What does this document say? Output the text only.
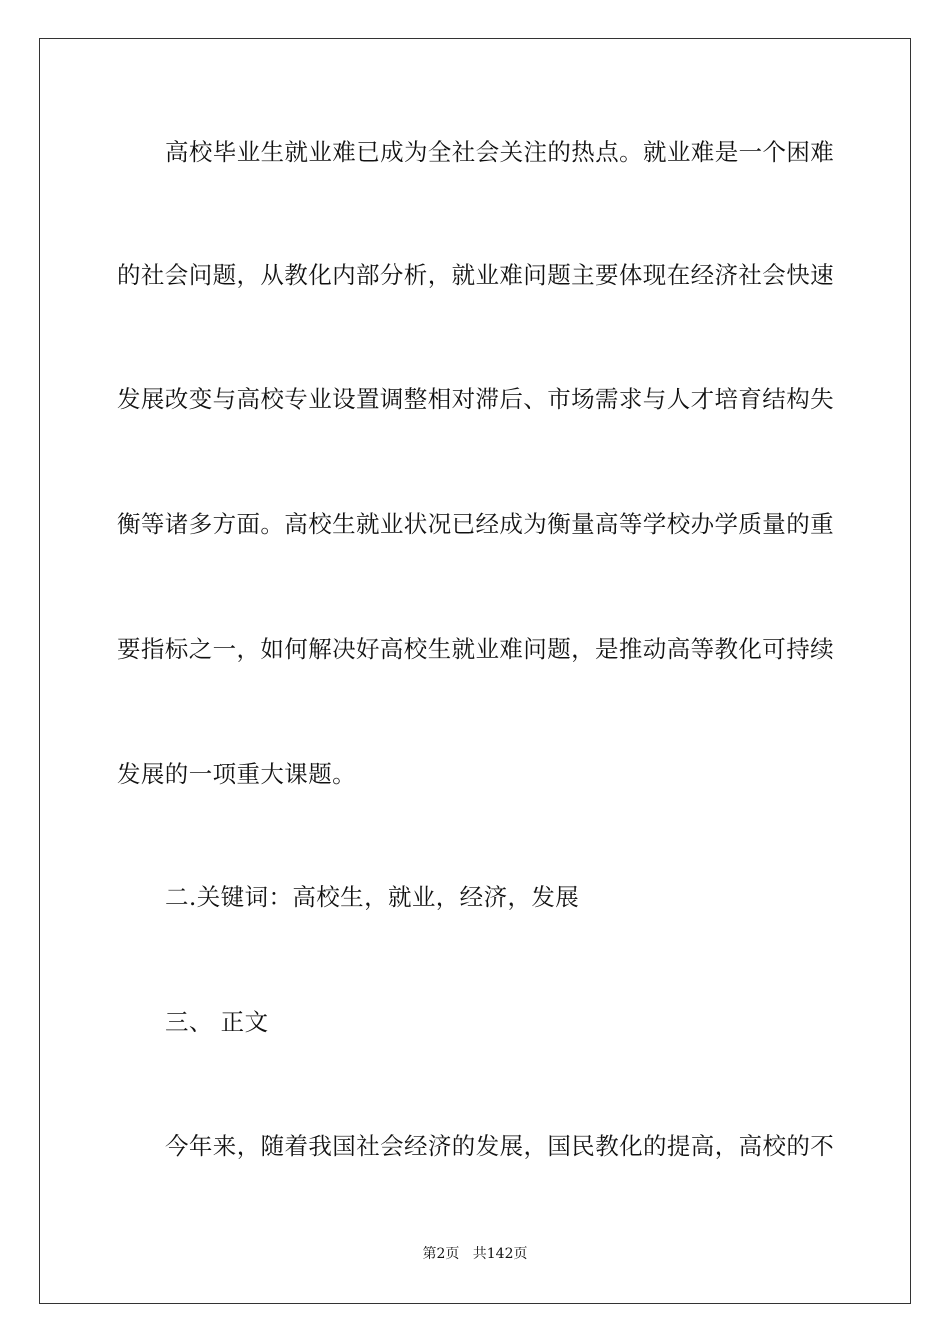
高校毕业生就业难已成为全社会关注的热点。就业难是一个困难
的社会问题，从教化内部分析，就业难问题主要体现在经济社会快速
发展改变与高校专业设置调整相对滞后、市场需求与人才培育结构失
衡等诸多方面。高校生就业状况已经成为衡量高等学校办学质量的重
要指标之一，如何解决好高校生就业难问题，是推动高等教化可持续
发展的一项重大课题。
二.关键词：高校生，就业，经济，发展
三、 正文
今年来，随着我国社会经济的发展，国民教化的提高，高校的不
第2页   共142页
